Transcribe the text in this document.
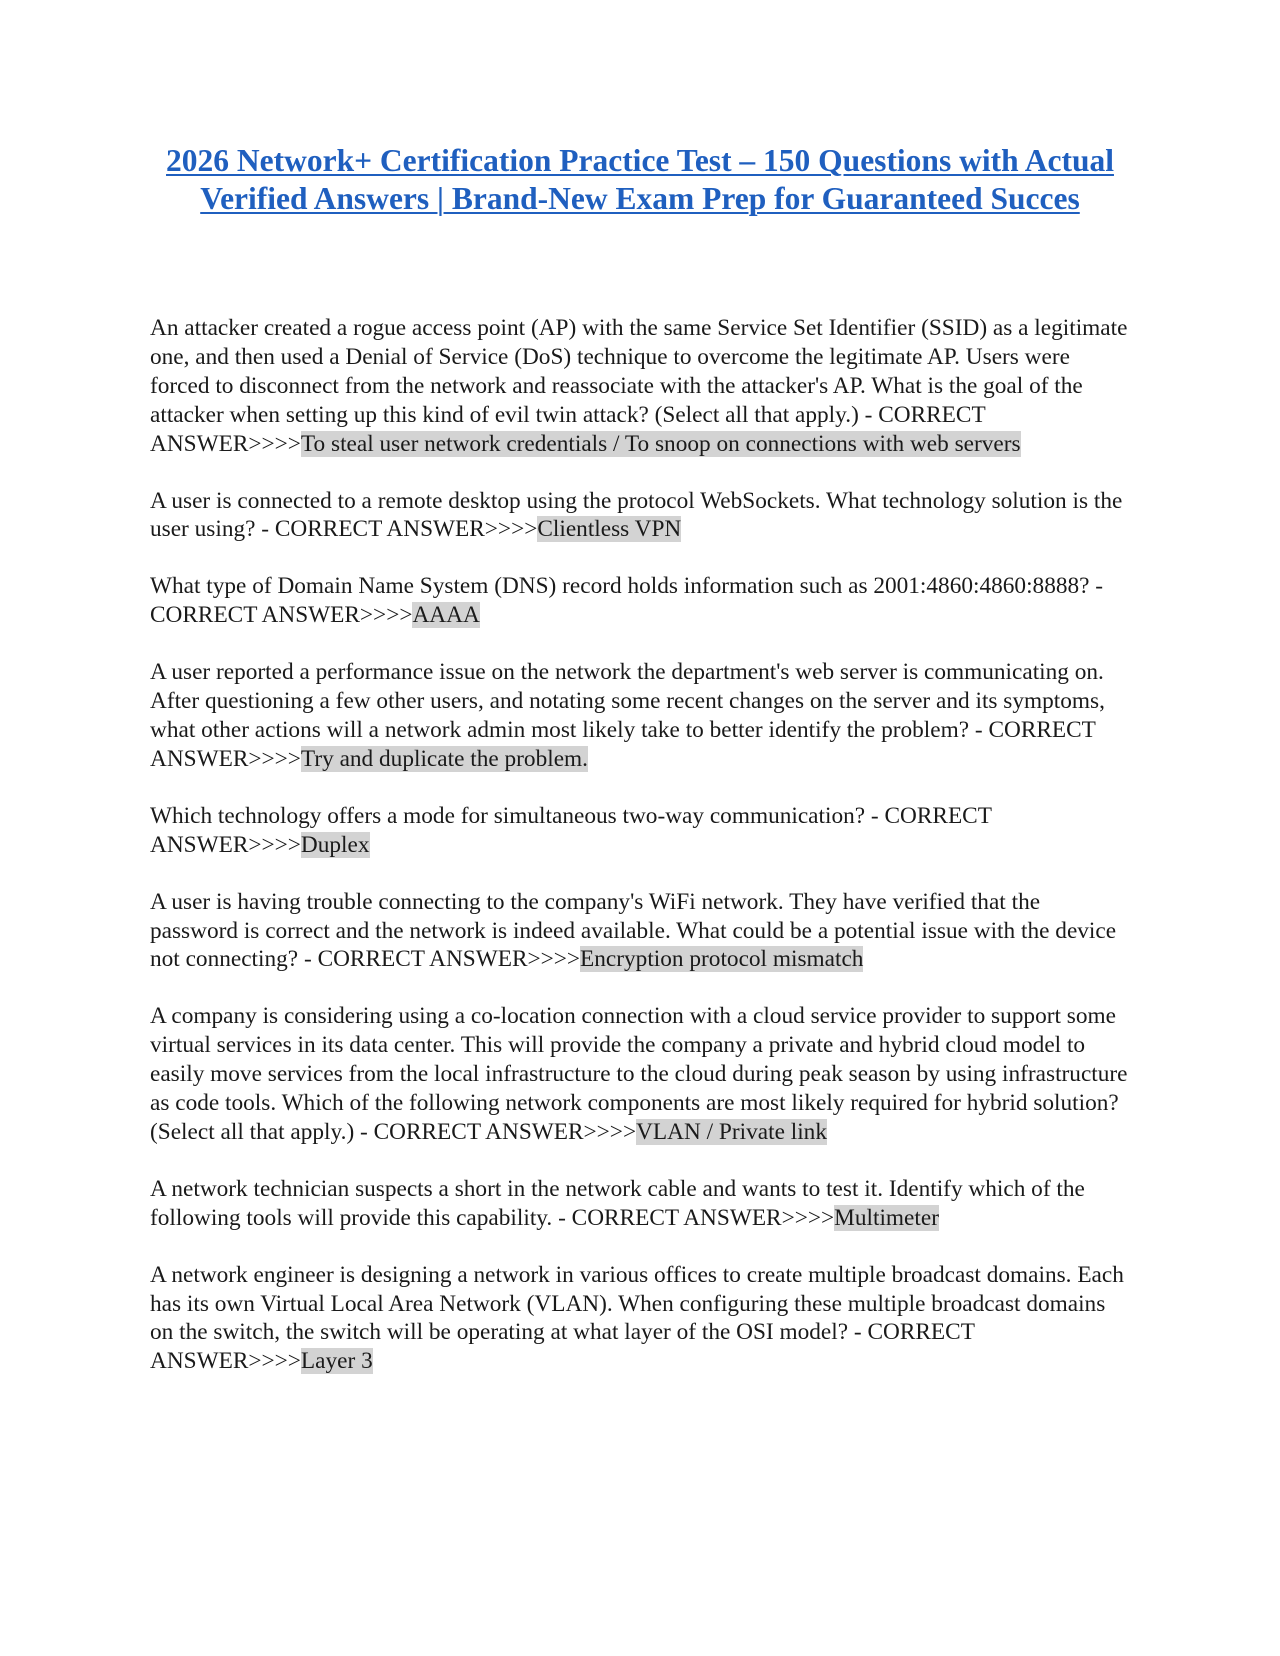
2026 Network+ Certification Practice Test – 150 Questions with Actual Verified Answers | Brand-New Exam Prep for Guaranteed Succes

An attacker created a rogue access point (AP) with the same Service Set Identifier (SSID) as a legitimate one, and then used a Denial of Service (DoS) technique to overcome the legitimate AP. Users were forced to disconnect from the network and reassociate with the attacker's AP. What is the goal of the attacker when setting up this kind of evil twin attack? (Select all that apply.) - CORRECT ANSWER>>>>To steal user network credentials / To snoop on connections with web servers

A user is connected to a remote desktop using the protocol WebSockets. What technology solution is the user using? - CORRECT ANSWER>>>>Clientless VPN

What type of Domain Name System (DNS) record holds information such as 2001:4860:4860:8888? - CORRECT ANSWER>>>>AAAA

A user reported a performance issue on the network the department's web server is communicating on. After questioning a few other users, and notating some recent changes on the server and its symptoms, what other actions will a network admin most likely take to better identify the problem? - CORRECT ANSWER>>>>Try and duplicate the problem.

Which technology offers a mode for simultaneous two-way communication? - CORRECT ANSWER>>>>Duplex

A user is having trouble connecting to the company's WiFi network. They have verified that the password is correct and the network is indeed available. What could be a potential issue with the device not connecting? - CORRECT ANSWER>>>>Encryption protocol mismatch

A company is considering using a co-location connection with a cloud service provider to support some virtual services in its data center. This will provide the company a private and hybrid cloud model to easily move services from the local infrastructure to the cloud during peak season by using infrastructure as code tools. Which of the following network components are most likely required for hybrid solution? (Select all that apply.) - CORRECT ANSWER>>>>VLAN / Private link

A network technician suspects a short in the network cable and wants to test it. Identify which of the following tools will provide this capability. - CORRECT ANSWER>>>>Multimeter

A network engineer is designing a network in various offices to create multiple broadcast domains. Each has its own Virtual Local Area Network (VLAN). When configuring these multiple broadcast domains on the switch, the switch will be operating at what layer of the OSI model? - CORRECT ANSWER>>>>Layer 3
